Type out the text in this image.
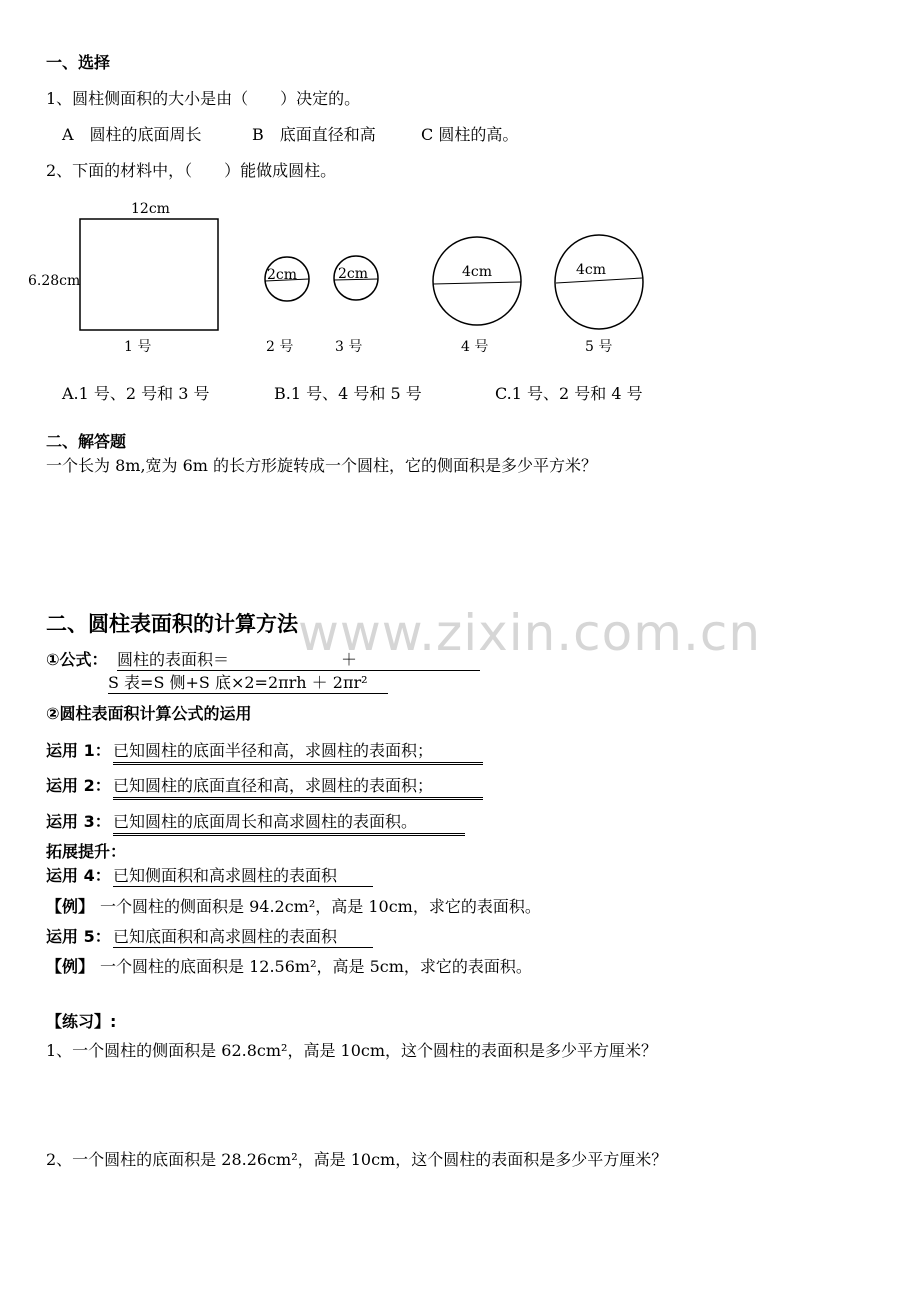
一、选择
1、圆柱侧面积的大小是由（　　）决定的。
A　圆柱的底面周长	B　底面直径和高	C 圆柱的高。
2、下面的材料中，（　　）能做成圆柱。
12cm
6.28cm	2cm	2cm	4cm	4cm
1 号	2 号	3 号	4 号	5 号
A.1 号、2 号和 3 号	B.1 号、4 号和 5 号	C.1 号、2 号和 4 号
二、解答题
一个长为 8m,宽为 6m 的长方形旋转成一个圆柱，它的侧面积是多少平方米？
www.zixin.com.cn
二、圆柱表面积的计算方法
①公式： 圆柱的表面积＝　　　　　　　＋
S 表=S 侧+S 底×2=2πrh ＋ 2πr²
②圆柱表面积计算公式的运用
运用 1： 已知圆柱的底面半径和高，求圆柱的表面积；
运用 2： 已知圆柱的底面直径和高，求圆柱的表面积；
运用 3： 已知圆柱的底面周长和高求圆柱的表面积。
拓展提升：
运用 4： 已知侧面积和高求圆柱的表面积
【例】 一个圆柱的侧面积是 94.2cm²，高是 10cm，求它的表面积。
运用 5： 已知底面积和高求圆柱的表面积
【例】 一个圆柱的底面积是 12.56m²，高是 5cm，求它的表面积。
【练习】:
1、一个圆柱的侧面积是 62.8cm²，高是 10cm，这个圆柱的表面积是多少平方厘米？
2、一个圆柱的底面积是 28.26cm²，高是 10cm，这个圆柱的表面积是多少平方厘米？
